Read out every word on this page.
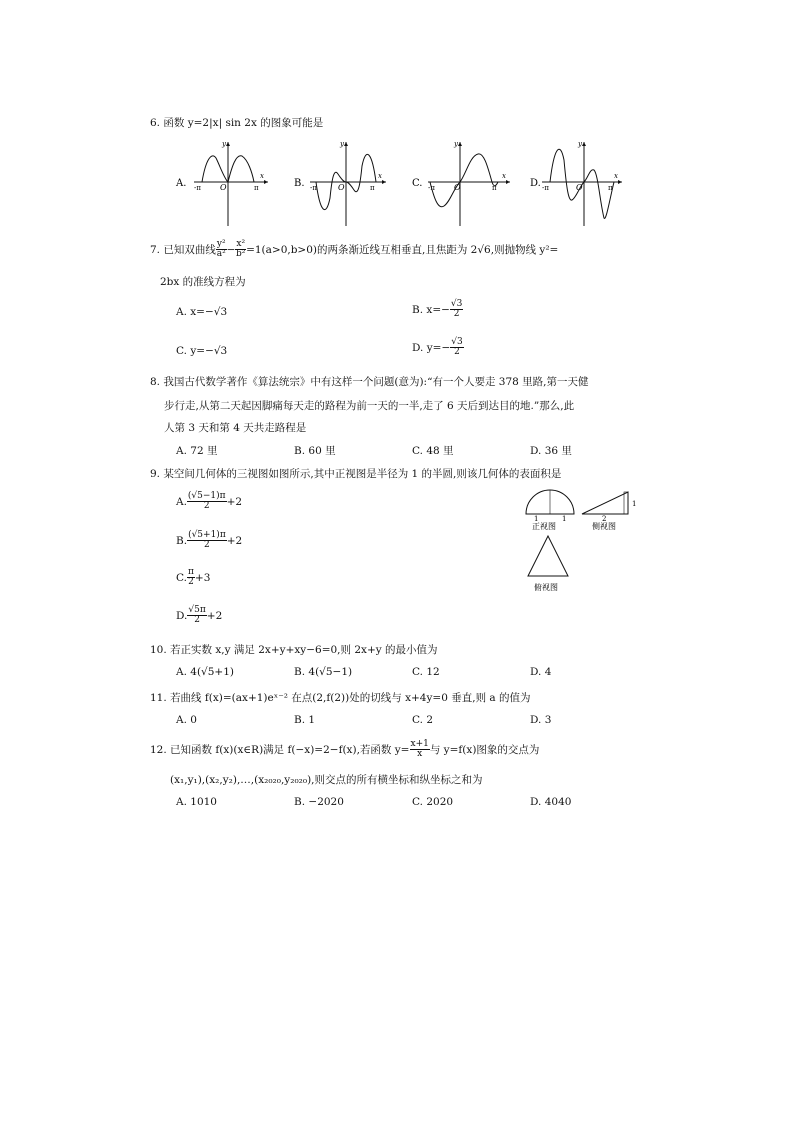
6. 函数 y=2|x| sin 2x 的图象可能是
A.
x
y
-π	π
O	B.
x
y
-π	π
O	C.
x
y
-π	π
O	D.
x
y
-π	π
O
7. 已知双曲线 $\frac{\text{y²}}{\text{a²}} - \frac{\text{x²}}{\text{b²}} =1(a>0,b>0)$的两条渐近线互相垂直,且焦距为 2√6,则抛物线 y²=
2bx 的准线方程为
A. x=−√3	B. $x=- \frac{√3}{2}$
C. y=−√3	D. $y=- \frac{√3}{2}$
8. 我国古代数学著作《算法统宗》中有这样一个问题(意为):“有一个人要走 378 里路,第一天健
步行走,从第二天起因脚痛每天走的路程为前一天的一半,走了 6 天后到达目的地.”那么,此
人第 3 天和第 4 天共走路程是
A. 72 里	B. 60 里	C. 48 里	D. 36 里
9. 某空间几何体的三视图如图所示,其中正视图是半径为 1 的半圆,则该几何体的表面积是
A. $\frac{(√5-1)\pi}{2} +2$
B. $\frac{(√5+1)\pi}{2} +2$
C. $\frac{\pi}{2} +3$
D. $\frac{√5\pi}{2} +2$
1	1
正视图
2
1
侧视图
俯视图
10. 若正实数 x,y 满足 2x+y+xy−6=0,则 2x+y 的最小值为
A. 4(√5+1)	B. 4(√5−1)	C. 12	D. 4
11. 若曲线 f(x)=(ax+1)eˣ⁻² 在点(2,f(2))处的切线与 x+4y=0 垂直,则 a 的值为
A. 0	B. 1	C. 2	D. 3
12. 已知函数 f(x)(x∈R)满足 f(−x)=2−f(x),若函数 $y= \frac{x+1}{x}$ 与 y=f(x)图象的交点为
(x₁,y₁),(x₂,y₂),…,(x₂₀₂₀,y₂₀₂₀),则交点的所有横坐标和纵坐标之和为
A. 1010	B. −2020	C. 2020	D. 4040
